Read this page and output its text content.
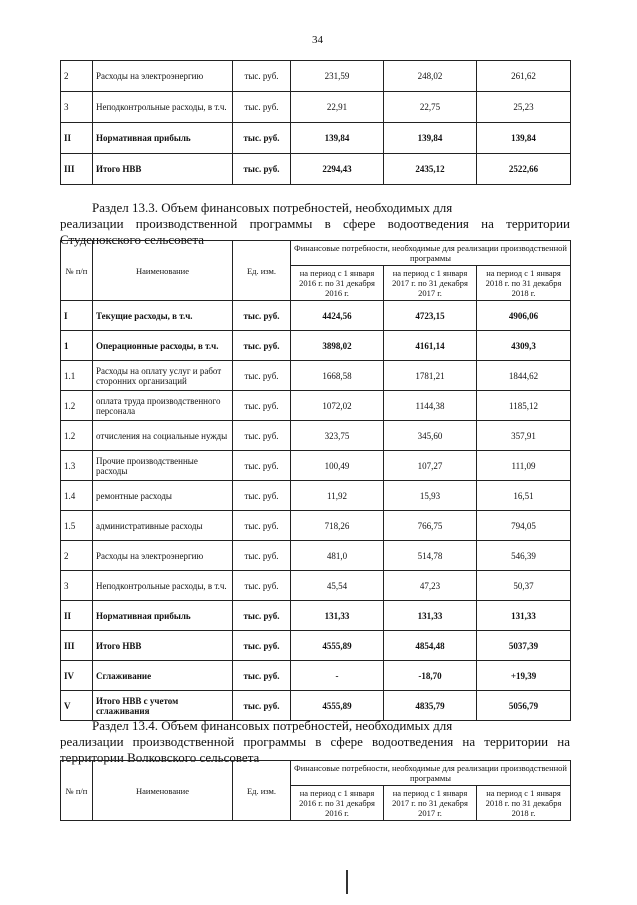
34
2	Расходы на электроэнергию	тыс. руб.	231,59	248,02	261,62
3	Неподконтрольные расходы, в т.ч.	тыс. руб.	22,91	22,75	25,23
II	Нормативная прибыль	тыс. руб.	139,84	139,84	139,84
III	Итого НВВ	тыс. руб.	2294,43	2435,12	2522,66
Раздел 13.3. Объем финансовых потребностей, необходимых для
реализации производственной программы в сфере водоотведения на территории Студенокского сельсовета
№ п/п	Наименование	Ед. изм.	Финансовые потребности, необходимые для реализации производственной программы		
			на период с 1 января 2016 г. по 31 декабря 2016 г.	на период с 1 января 2017 г. по 31 декабря 2017 г.	на период с 1 января 2018 г. по 31 декабря 2018 г.
I	Текущие расходы, в т.ч.	тыс. руб.	4424,56	4723,15	4906,06
1	Операционные расходы, в т.ч.	тыс. руб.	3898,02	4161,14	4309,3
1.1	Расходы на оплату услуг и работ сторонних организаций	тыс. руб.	1668,58	1781,21	1844,62
1.2	оплата труда производственного персонала	тыс. руб.	1072,02	1144,38	1185,12
1.2	отчисления на социальные нужды	тыс. руб.	323,75	345,60	357,91
1.3	Прочие производственные расходы	тыс. руб.	100,49	107,27	111,09
1.4	ремонтные расходы	тыс. руб.	11,92	15,93	16,51
1.5	административные расходы	тыс. руб.	718,26	766,75	794,05
2	Расходы на электроэнергию	тыс. руб.	481,0	514,78	546,39
3	Неподконтрольные расходы, в т.ч.	тыс. руб.	45,54	47,23	50,37
II	Нормативная прибыль	тыс. руб.	131,33	131,33	131,33
III	Итого НВВ	тыс. руб.	4555,89	4854,48	5037,39
IV	Сглаживание	тыс. руб.	-	-18,70	+19,39
V	Итого НВВ с учетом сглаживания	тыс. руб.	4555,89	4835,79	5056,79
Раздел 13.4. Объем финансовых потребностей, необходимых для
реализации производственной программы в сфере водоотведения на территории на территории Волковского сельсовета
№ п/п	Наименование	Ед. изм.	Финансовые потребности, необходимые для реализации производственной программы		
			на период с 1 января 2016 г. по 31 декабря 2016 г.	на период с 1 января 2017 г. по 31 декабря 2017 г.	на период с 1 января 2018 г. по 31 декабря 2018 г.
